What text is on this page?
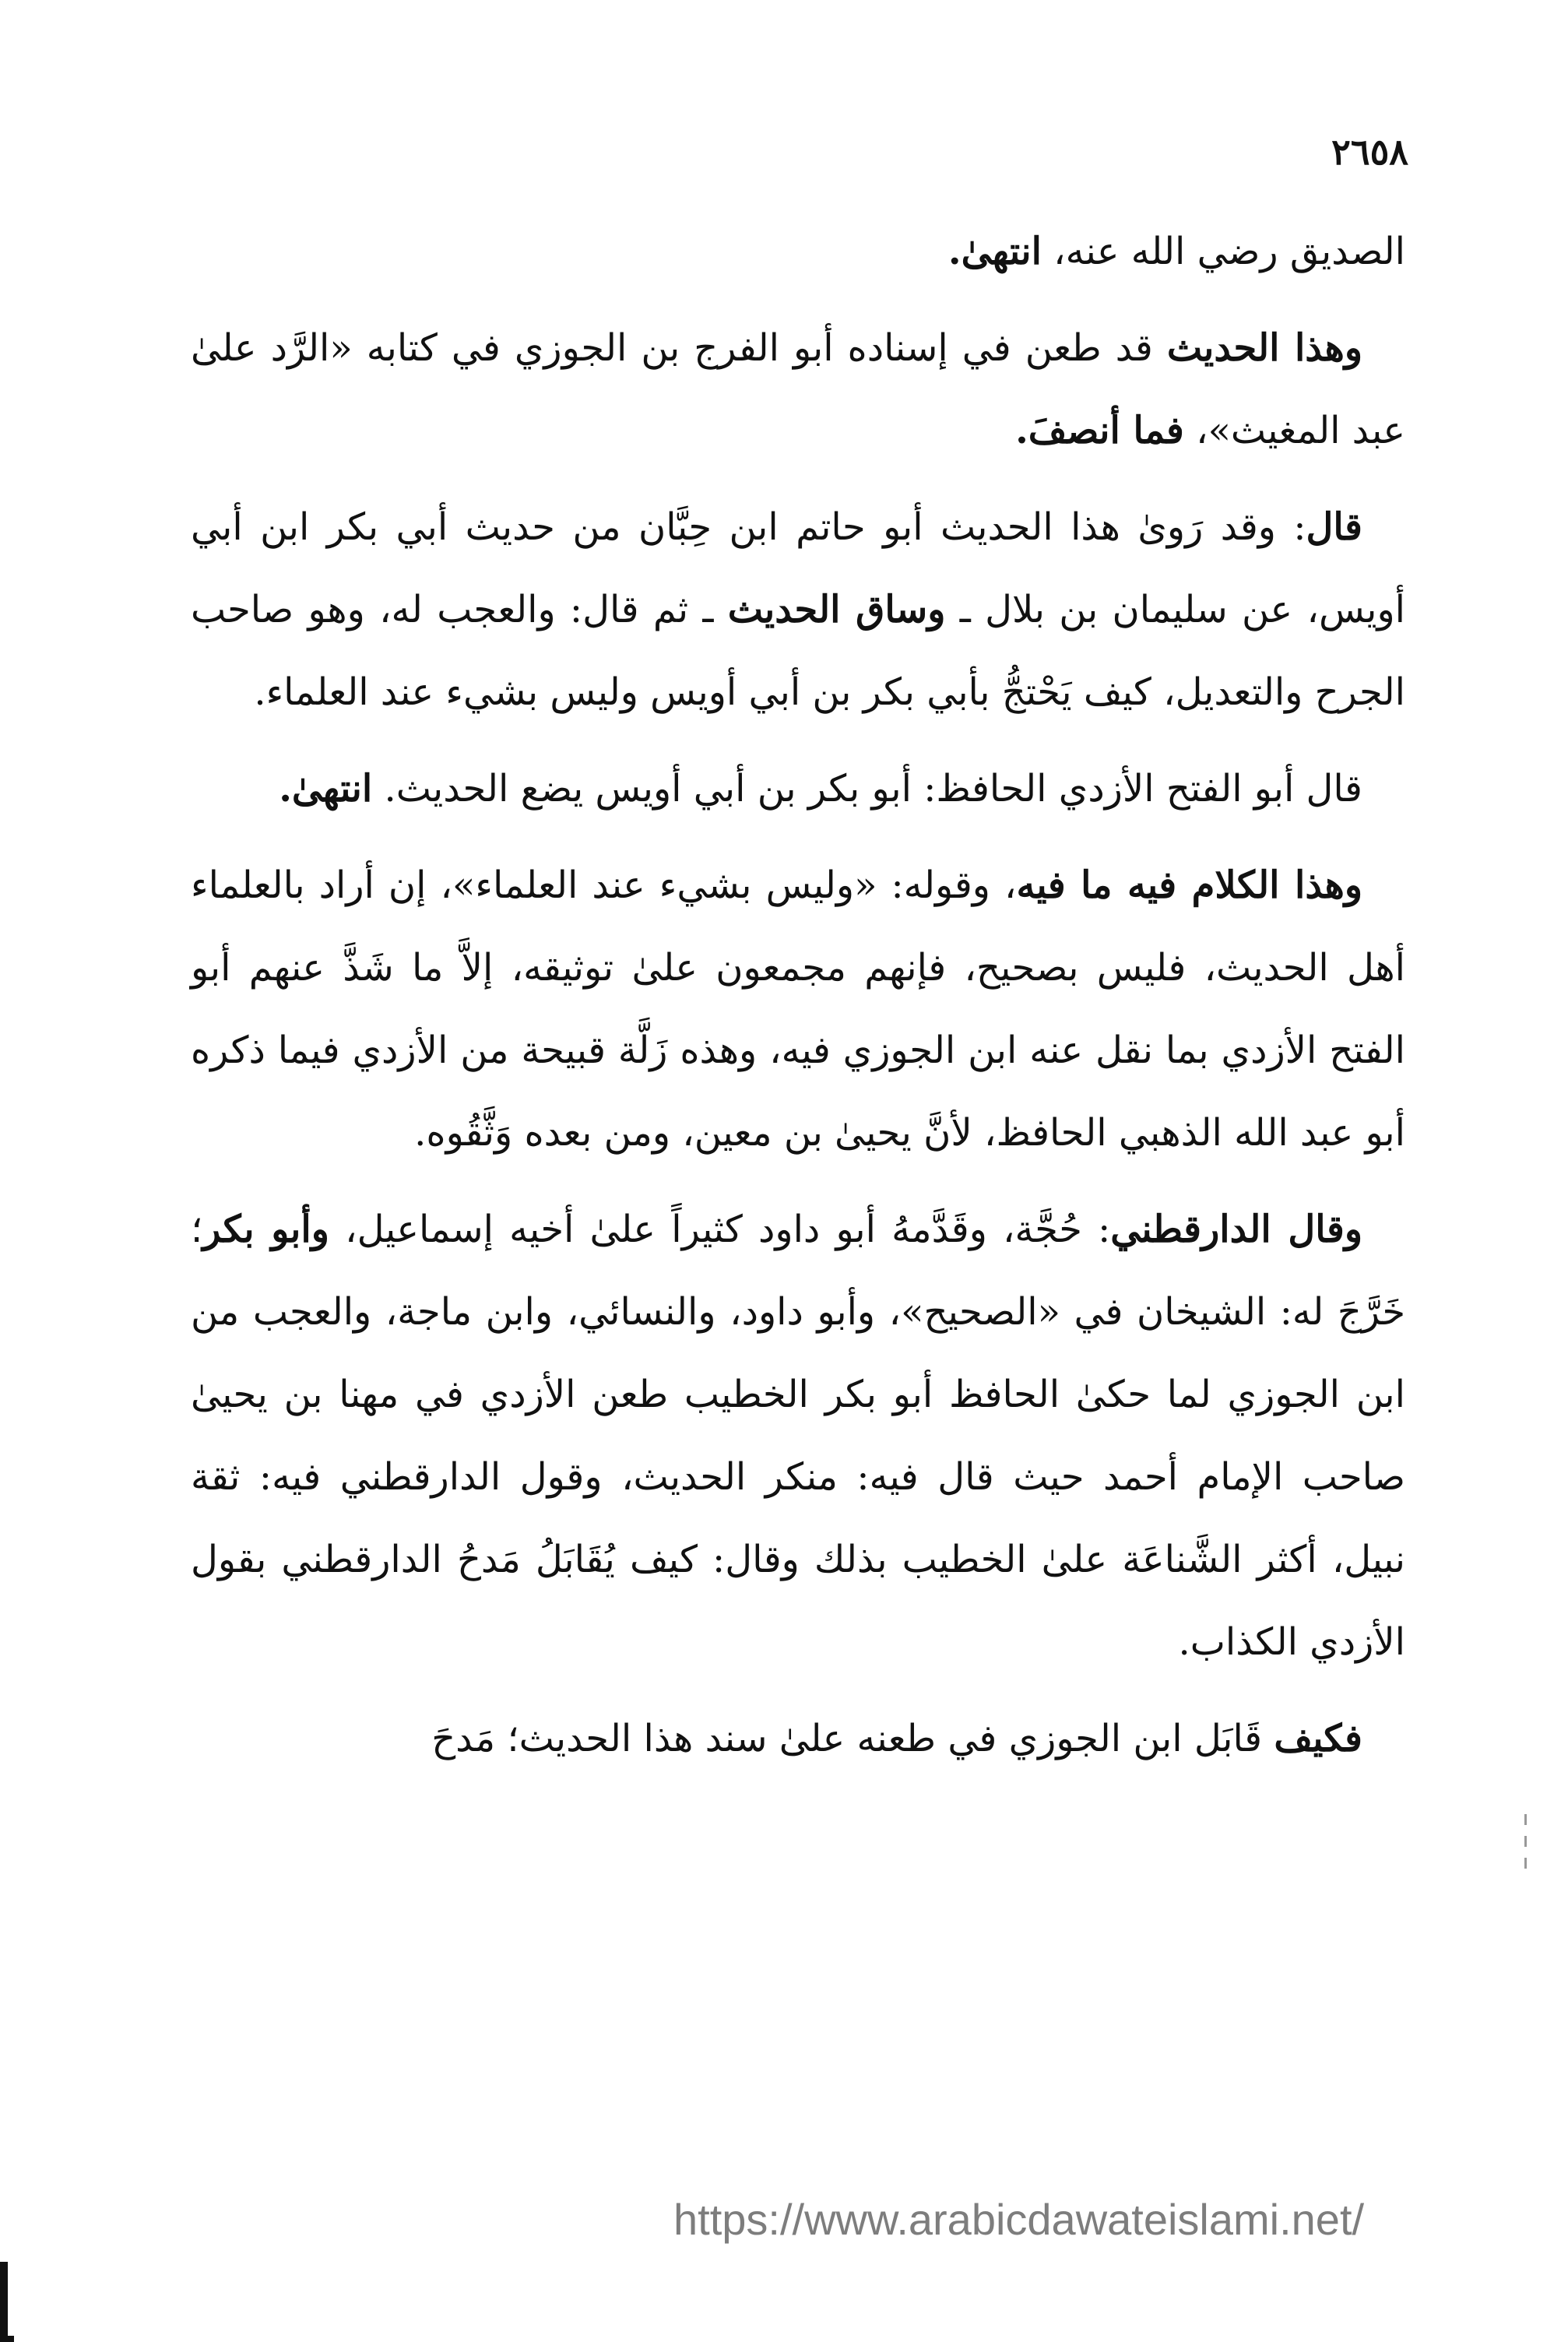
٢٦٥٨

الصديق رضي الله عنه، انتهىٰ.

وهذا الحديث قد طعن في إسناده أبو الفرج بن الجوزي في كتابه «الرَّد علىٰ عبد المغيث»، فما أنصفَ.

قال: وقد رَوىٰ هذا الحديث أبو حاتم ابن حِبَّان من حديث أبي بكر ابن أبي أويس، عن سليمان بن بلال ـ وساق الحديث ـ ثم قال: والعجب له، وهو صاحب الجرح والتعديل، كيف يَحْتجُّ بأبي بكر بن أبي أويس وليس بشيء عند العلماء.

قال أبو الفتح الأزدي الحافظ: أبو بكر بن أبي أويس يضع الحديث. انتهىٰ.

وهذا الكلام فيه ما فيه، وقوله: «وليس بشيء عند العلماء»، إن أراد بالعلماء أهل الحديث، فليس بصحيح، فإنهم مجمعون علىٰ توثيقه، إلاَّ ما شَذَّ عنهم أبو الفتح الأزدي بما نقل عنه ابن الجوزي فيه، وهذه زَلَّة قبيحة من الأزدي فيما ذكره أبو عبد الله الذهبي الحافظ، لأنَّ يحيىٰ بن معين، ومن بعده وَثَّقُوه.

وقال الدارقطني: حُجَّة، وقَدَّمهُ أبو داود كثيراً علىٰ أخيه إسماعيل، وأبو بكر؛ خَرَّجَ له: الشيخان في «الصحيح»، وأبو داود، والنسائي، وابن ماجة، والعجب من ابن الجوزي لما حكىٰ الحافظ أبو بكر الخطيب طعن الأزدي في مهنا بن يحيىٰ صاحب الإمام أحمد حيث قال فيه: منكر الحديث، وقول الدارقطني فيه: ثقة نبيل، أكثر الشَّناعَة علىٰ الخطيب بذلك وقال: كيف يُقَابَلُ مَدحُ الدارقطني بقول الأزدي الكذاب.

فكيف قَابَل ابن الجوزي في طعنه علىٰ سند هذا الحديث؛ مَدحَ

https://www.arabicdawateislami.net/
